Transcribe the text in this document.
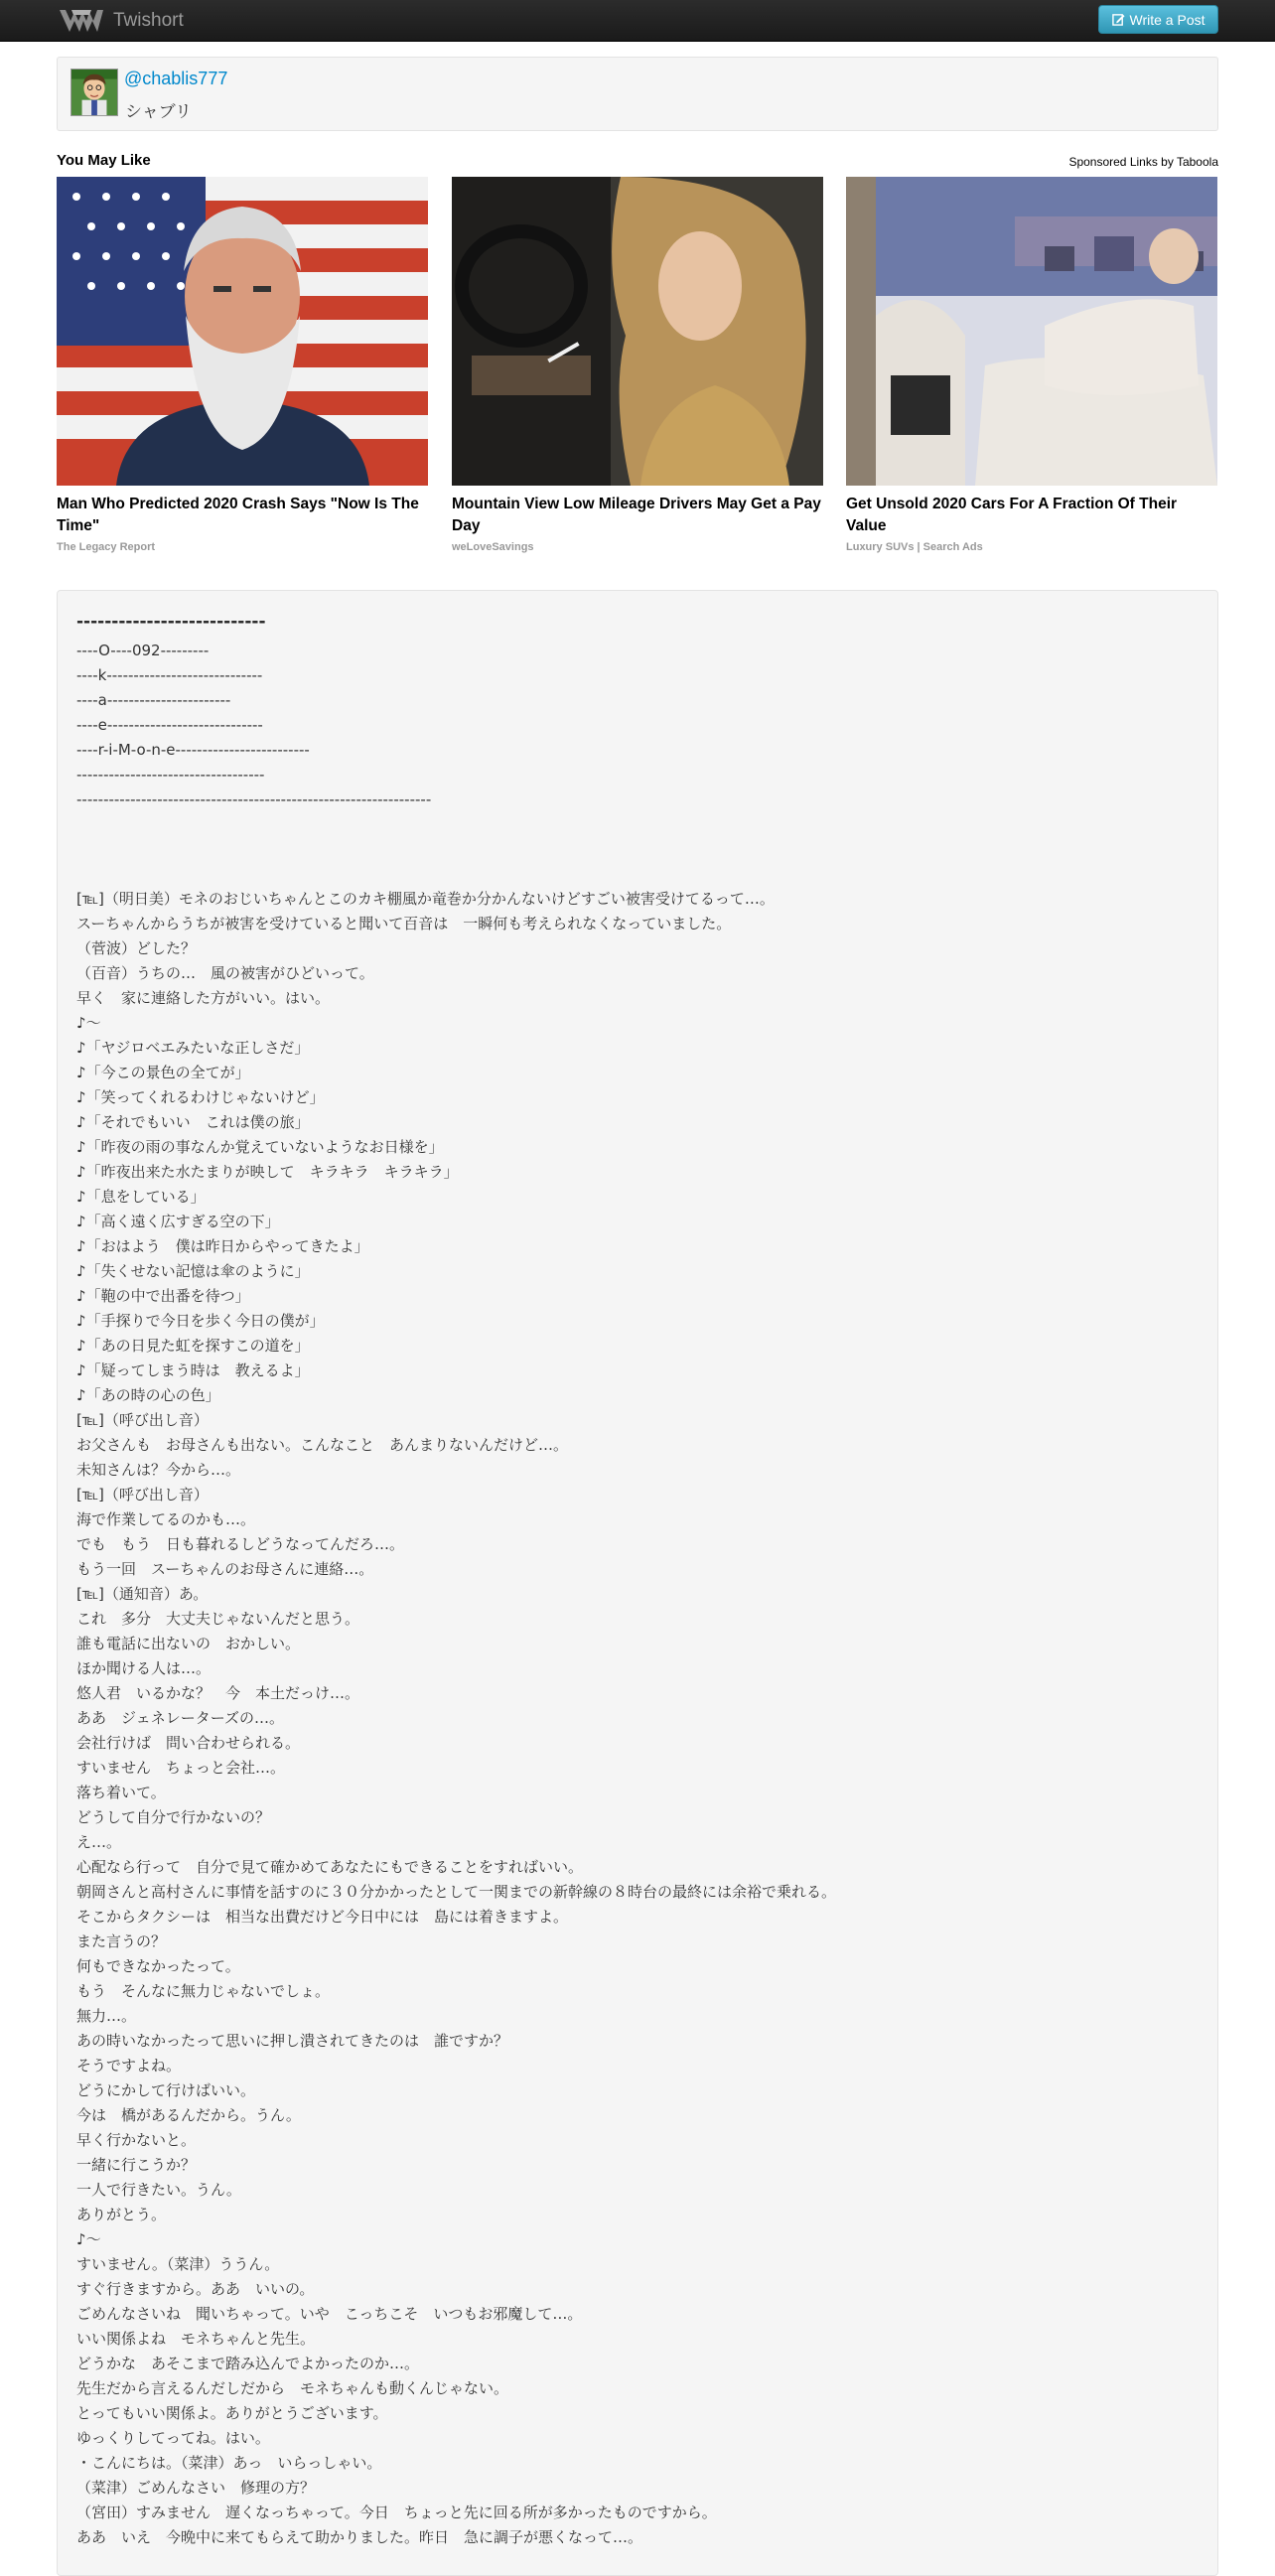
Twishort	Write a Post
@chablis777
シャブリ
You May Like	Sponsored Links by Taboola
Man Who Predicted 2020 Crash Says "Now Is The Time"
The Legacy Report
Mountain View Low Mileage Drivers May Get a Pay Day
weLoveSavings
Get Unsold 2020 Cars For A Fraction Of Their Value
Luxury SUVs | Search Ads
---------------------------
----O----092---------
----k-----------------------------
----a-----------------------
----e-----------------------------
----r-i-M-o-n-e-------------------------
-----------------------------------
------------------------------------------------------------------
[℡]（明日美）モネのおじいちゃんとこのカキ棚風か竜巻か分かんないけどすごい被害受けてるって…。
スーちゃんからうちが被害を受けていると聞いて百音は　一瞬何も考えられなくなっていました。
（菅波）どした？
（百音）うちの…　風の被害がひどいって。
早く　家に連絡した方がいい。はい。
♪～
♪「ヤジロベエみたいな正しさだ」
♪「今この景色の全てが」
♪「笑ってくれるわけじゃないけど」
♪「それでもいい　これは僕の旅」
♪「昨夜の雨の事なんか覚えていないようなお日様を」
♪「昨夜出来た水たまりが映して　キラキラ　キラキラ」
♪「息をしている」
♪「高く遠く広すぎる空の下」
♪「おはよう　僕は昨日からやってきたよ」
♪「失くせない記憶は傘のように」
♪「鞄の中で出番を待つ」
♪「手探りで今日を歩く今日の僕が」
♪「あの日見た虹を探すこの道を」
♪「疑ってしまう時は　教えるよ」
♪「あの時の心の色」
[℡]（呼び出し音）
お父さんも　お母さんも出ない。こんなこと　あんまりないんだけど…。
未知さんは？今から…。
[℡]（呼び出し音）
海で作業してるのかも…。
でも　もう　日も暮れるしどうなってんだろ…。
もう一回　スーちゃんのお母さんに連絡…。
[℡]（通知音）あ。
これ　多分　大丈夫じゃないんだと思う。
誰も電話に出ないの　おかしい。
ほか聞ける人は…。
悠人君　いるかな？　今　本土だっけ…。
ああ　ジェネレーターズの…。
会社行けば　問い合わせられる。
すいません　ちょっと会社…。
落ち着いて。
どうして自分で行かないの？
え…。
心配なら行って　自分で見て確かめてあなたにもできることをすればいい。
朝岡さんと高村さんに事情を話すのに３０分かかったとして一関までの新幹線の８時台の最終には余裕で乗れる。
そこからタクシーは　相当な出費だけど今日中には　島には着きますよ。
また言うの？
何もできなかったって。
もう　そんなに無力じゃないでしょ。
無力…。
あの時いなかったって思いに押し潰されてきたのは　誰ですか？
そうですよね。
どうにかして行けばいい。
今は　橋があるんだから。うん。
早く行かないと。
一緒に行こうか？
一人で行きたい。うん。
ありがとう。
♪～
すいません。（菜津）ううん。
すぐ行きますから。ああ　いいの。
ごめんなさいね　聞いちゃって。いや　こっちこそ　いつもお邪魔して…。
いい関係よね　モネちゃんと先生。
どうかな　あそこまで踏み込んでよかったのか…。
先生だから言えるんだしだから　モネちゃんも動くんじゃない。
とってもいい関係よ。ありがとうございます。
ゆっくりしてってね。はい。
・こんにちは。（菜津）あっ　いらっしゃい。
（菜津）ごめんなさい　修理の方？
（宮田）すみません　遅くなっちゃって。今日　ちょっと先に回る所が多かったものですから。
ああ　いえ　今晩中に来てもらえて助かりました。昨日　急に調子が悪くなって…。
